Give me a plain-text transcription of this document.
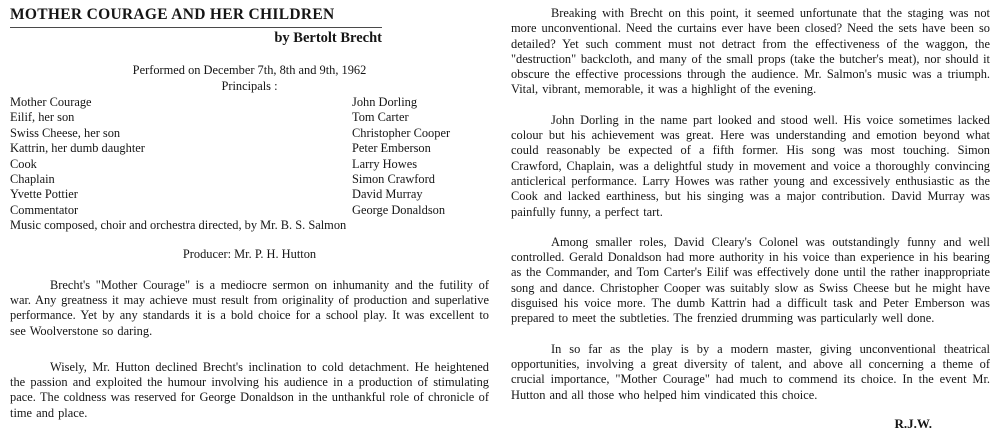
MOTHER COURAGE AND HER CHILDREN
by Bertolt Brecht
Performed on December 7th, 8th and 9th, 1962
Principals :
Mother Courage	John Dorling
Eilif, her son	Tom Carter
Swiss Cheese, her son	Christopher Cooper
Kattrin, her dumb daughter	Peter Emberson
Cook	Larry Howes
Chaplain	Simon Crawford
Yvette Pottier	David Murray
Commentator	George Donaldson
Music composed, choir and orchestra directed, by Mr. B. S. Salmon
Producer: Mr. P. H. Hutton

Brecht's "Mother Courage" is a mediocre sermon on inhumanity and the futility of war. Any greatness it may achieve must result from originality of production and superlative performance. Yet by any standards it is a bold choice for a school play. It was excellent to see Woolverstone so daring.

Wisely, Mr. Hutton declined Brecht's inclination to cold detachment. He heightened the passion and exploited the humour involving his audience in a production of stimulating pace. The coldness was reserved for George Donaldson in the unthankful role of chronicle of time and place.

Breaking with Brecht on this point, it seemed unfortunate that the staging was not more unconventional. Need the curtains ever have been closed? Need the sets have been so detailed? Yet such comment must not detract from the effectiveness of the waggon, the "destruction" backcloth, and many of the small props (take the butcher's meat), nor should it obscure the effective processions through the audience. Mr. Salmon's music was a triumph. Vital, vibrant, memorable, it was a highlight of the evening.

John Dorling in the name part looked and stood well. His voice sometimes lacked colour but his achievement was great. Here was understanding and emotion beyond what could reasonably be expected of a fifth former. His song was most touching. Simon Crawford, Chaplain, was a delightful study in movement and voice a thoroughly convincing anticlerical performance. Larry Howes was rather young and excessively enthusiastic as the Cook and lacked earthiness, but his singing was a major contribution. David Murray was painfully funny, a perfect tart.

Among smaller roles, David Cleary's Colonel was outstandingly funny and well controlled. Gerald Donaldson had more authority in his voice than experience in his bearing as the Commander, and Tom Carter's Eilif was effectively done until the rather inappropriate song and dance. Christopher Cooper was suitably slow as Swiss Cheese but he might have disguised his voice more. The dumb Kattrin had a difficult task and Peter Emberson was prepared to meet the subtleties. The frenzied drumming was particularly well done.

In so far as the play is by a modern master, giving unconventional theatrical opportunities, involving a great diversity of talent, and above all concerning a theme of crucial importance, "Mother Courage" had much to commend its choice. In the event Mr. Hutton and all those who helped him vindicated this choice.

R.J.W.
